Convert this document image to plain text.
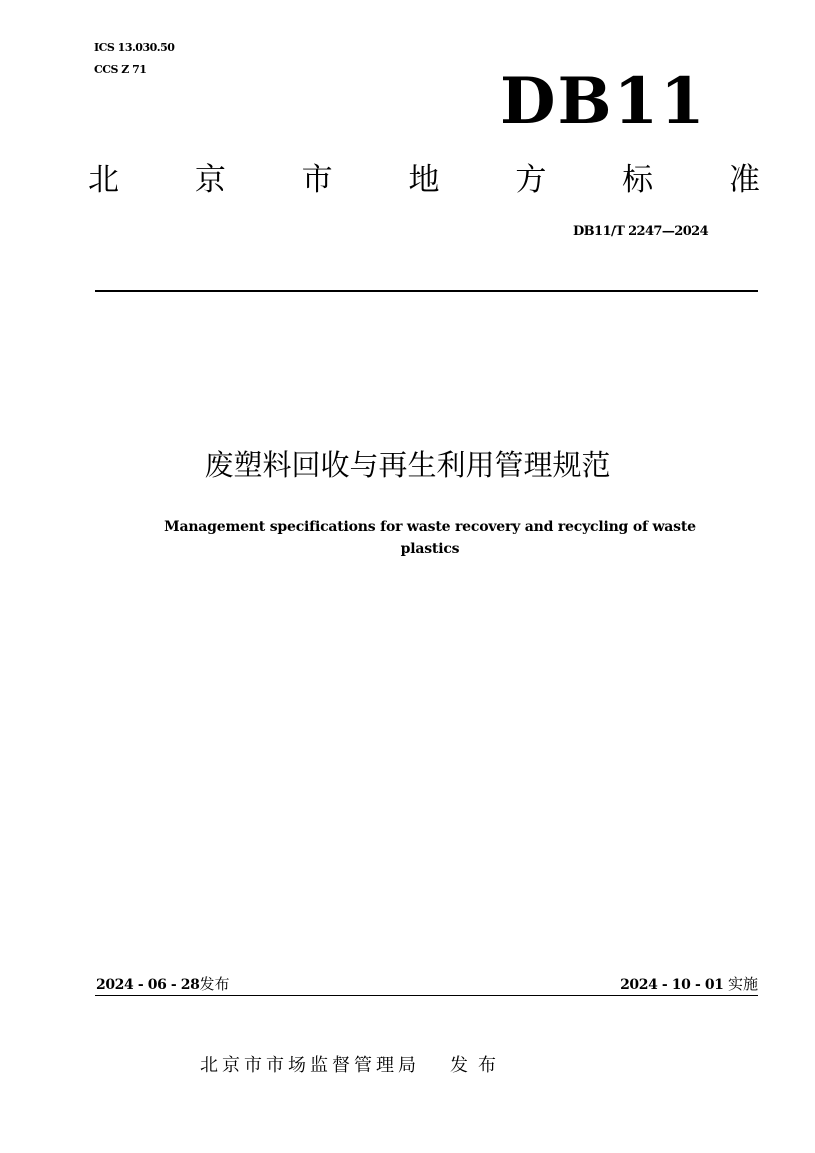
ICS 13.030.50
CCS Z 71	DB11
北 京 市 地 方 标 准
DB11/T 2247—2024
废塑料回收与再生利用管理规范
Management specifications for waste recovery and recycling of waste
plastics
2024 - 06 - 28发布	2024 - 10 - 01 实施
北京市市场监督管理局 发布
